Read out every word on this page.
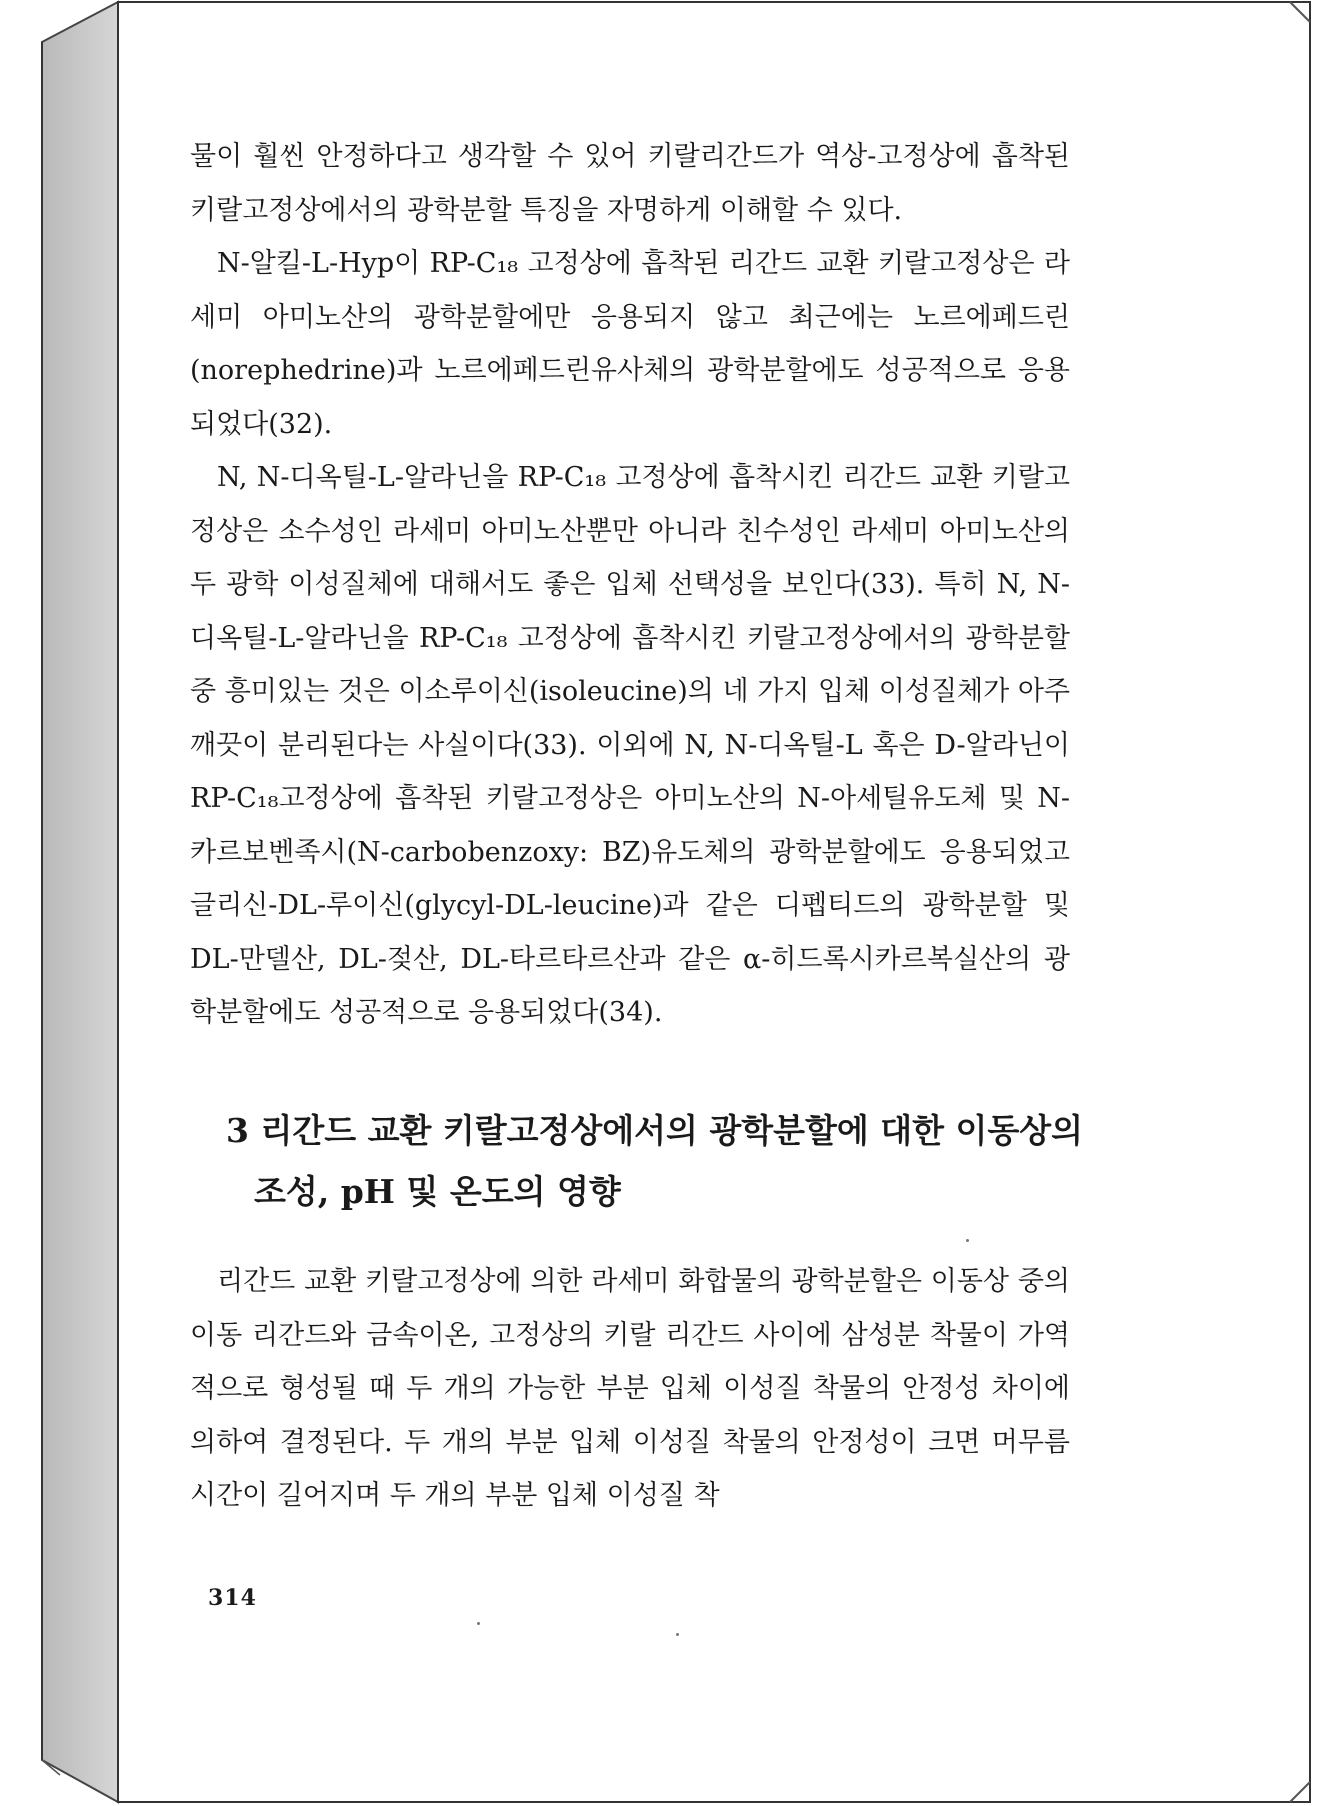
물이 훨씬 안정하다고 생각할 수 있어 키랄리간드가 역상-고정상에 흡착된 키랄고정상에서의 광학분할 특징을 자명하게 이해할 수 있다.

N-알킬-L-Hyp이 RP-C₁₈ 고정상에 흡착된 리간드 교환 키랄고정상은 라세미 아미노산의 광학분할에만 응용되지 않고 최근에는 노르에페드린(norephedrine)과 노르에페드린유사체의 광학분할에도 성공적으로 응용되었다(32).

N, N-디옥틸-L-알라닌을 RP-C₁₈ 고정상에 흡착시킨 리간드 교환 키랄고정상은 소수성인 라세미 아미노산뿐만 아니라 친수성인 라세미 아미노산의 두 광학 이성질체에 대해서도 좋은 입체 선택성을 보인다(33). 특히 N, N-디옥틸-L-알라닌을 RP-C₁₈ 고정상에 흡착시킨 키랄고정상에서의 광학분할 중 흥미있는 것은 이소루이신(isoleucine)의 네 가지 입체 이성질체가 아주 깨끗이 분리된다는 사실이다(33). 이외에 N, N-디옥틸-L 혹은 D-알라닌이 RP-C₁₈고정상에 흡착된 키랄고정상은 아미노산의 N-아세틸유도체 및 N-카르보벤족시(N-carbobenzoxy: BZ)유도체의 광학분할에도 응용되었고 글리신-DL-루이신(glycyl-DL-leucine)과 같은 디펩티드의 광학분할 및 DL-만델산, DL-젖산, DL-타르타르산과 같은 α-히드록시카르복실산의 광학분할에도 성공적으로 응용되었다(34).

3 리간드 교환 키랄고정상에서의 광학분할에 대한 이동상의 조성, pH 및 온도의 영향

리간드 교환 키랄고정상에 의한 라세미 화합물의 광학분할은 이동상 중의 이동 리간드와 금속이온, 고정상의 키랄 리간드 사이에 삼성분 착물이 가역적으로 형성될 때 두 개의 가능한 부분 입체 이성질 착물의 안정성 차이에 의하여 결정된다. 두 개의 부분 입체 이성질 착물의 안정성이 크면 머무름 시간이 길어지며 두 개의 부분 입체 이성질 착

314
